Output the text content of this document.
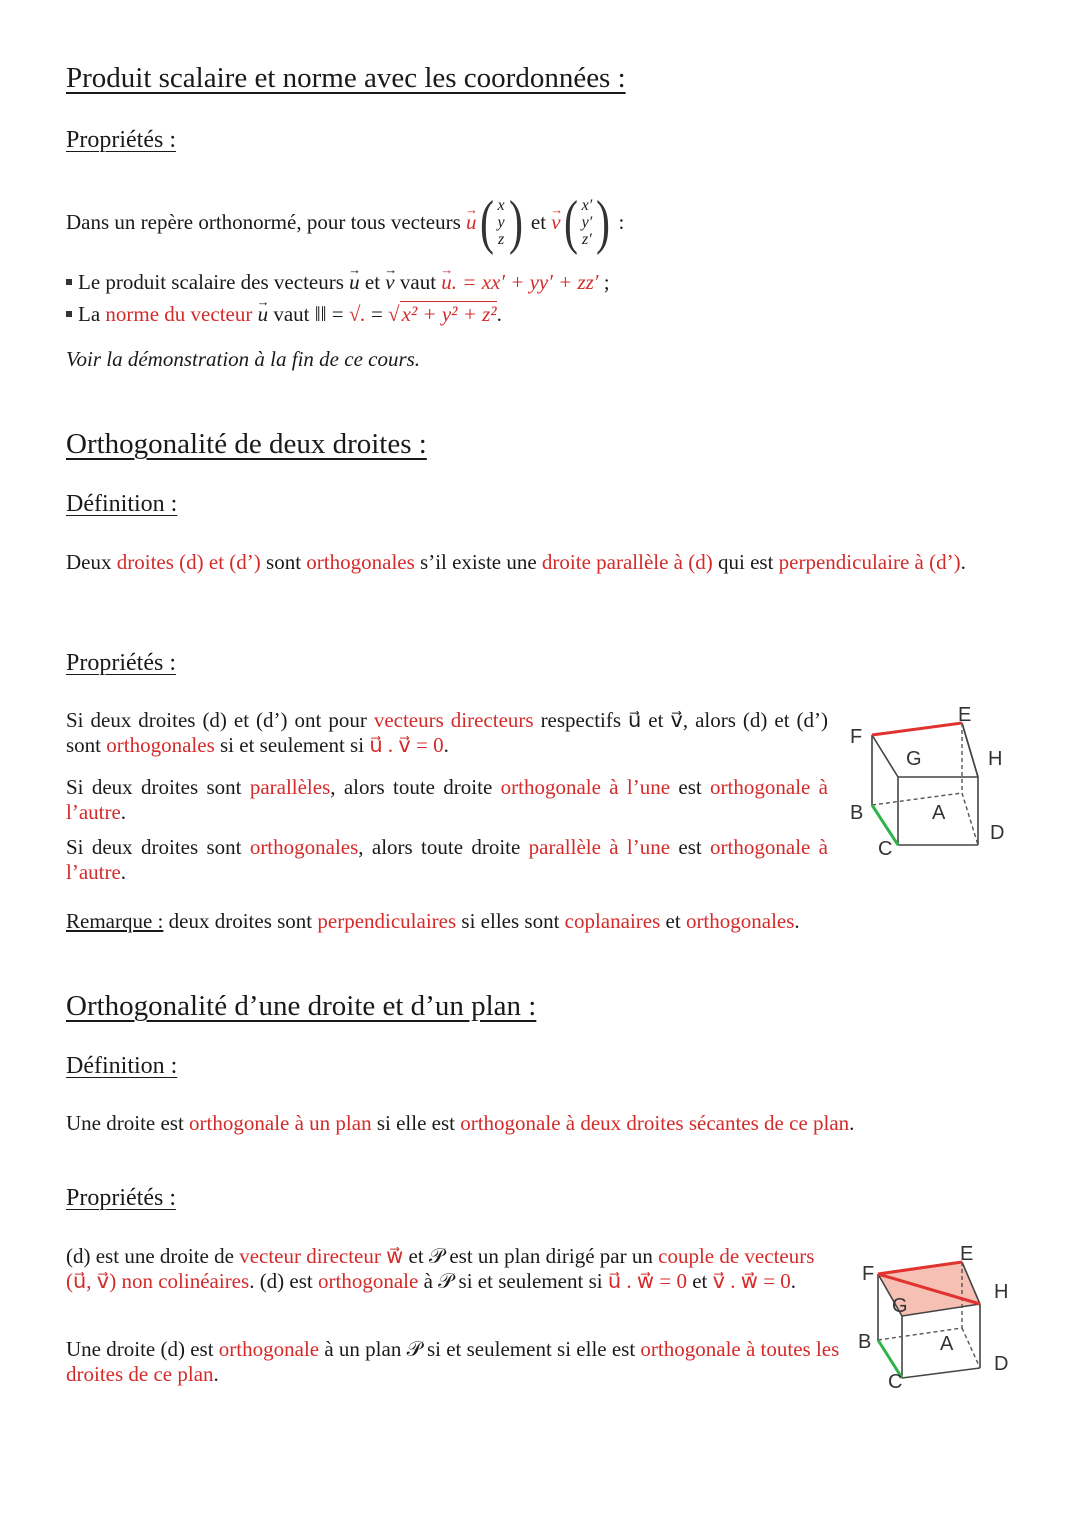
Produit scalaire et norme avec les coordonnées :
Propriétés :
Dans un repère orthonormé, pour tous vecteurs
→ u ( x
y
z )
et
→ v ( x′
y′
z′ )
:
Le produit scalaire des vecteurs → u et → v vaut → u. = xx′ + yy′ + zz′ ;
La norme du vecteur → u vaut ‖‖ = √. = √x² + y² + z².
Voir la démonstration à la fin de ce cours.
Orthogonalité de deux droites :
Définition :
Deux droites (d) et (d’) sont orthogonales s’il existe une droite parallèle à (d) qui est perpendiculaire à (d’).
Propriétés :
Si deux droites (d) et (d’) ont pour vecteurs directeurs respectifs u⃗ et v⃗, alors (d) et (d’) sont orthogonales si et seulement si u⃗ . v⃗ = 0.
Si deux droites sont parallèles, alors toute droite orthogonale à l’une est orthogonale à l’autre.
Si deux droites sont orthogonales, alors toute droite parallèle à l’une est orthogonale à l’autre.
Remarque : deux droites sont perpendiculaires si elles sont coplanaires et orthogonales.
F
E
G	H
B	A
C
D
Orthogonalité d’une droite et d’un plan :
Définition :
Une droite est orthogonale à un plan si elle est orthogonale à deux droites sécantes de ce plan.
Propriétés :
(d) est une droite de vecteur directeur w⃗ et 𝒫 est un plan dirigé par un couple de vecteurs (u⃗, v⃗) non colinéaires. (d) est orthogonale à 𝒫 si et seulement si u⃗ . w⃗ = 0 et v⃗ . w⃗ = 0.
Une droite (d) est orthogonale à un plan 𝒫 si et seulement si elle est orthogonale à toutes les droites de ce plan.
F
E
G
H
B	A
C
D
